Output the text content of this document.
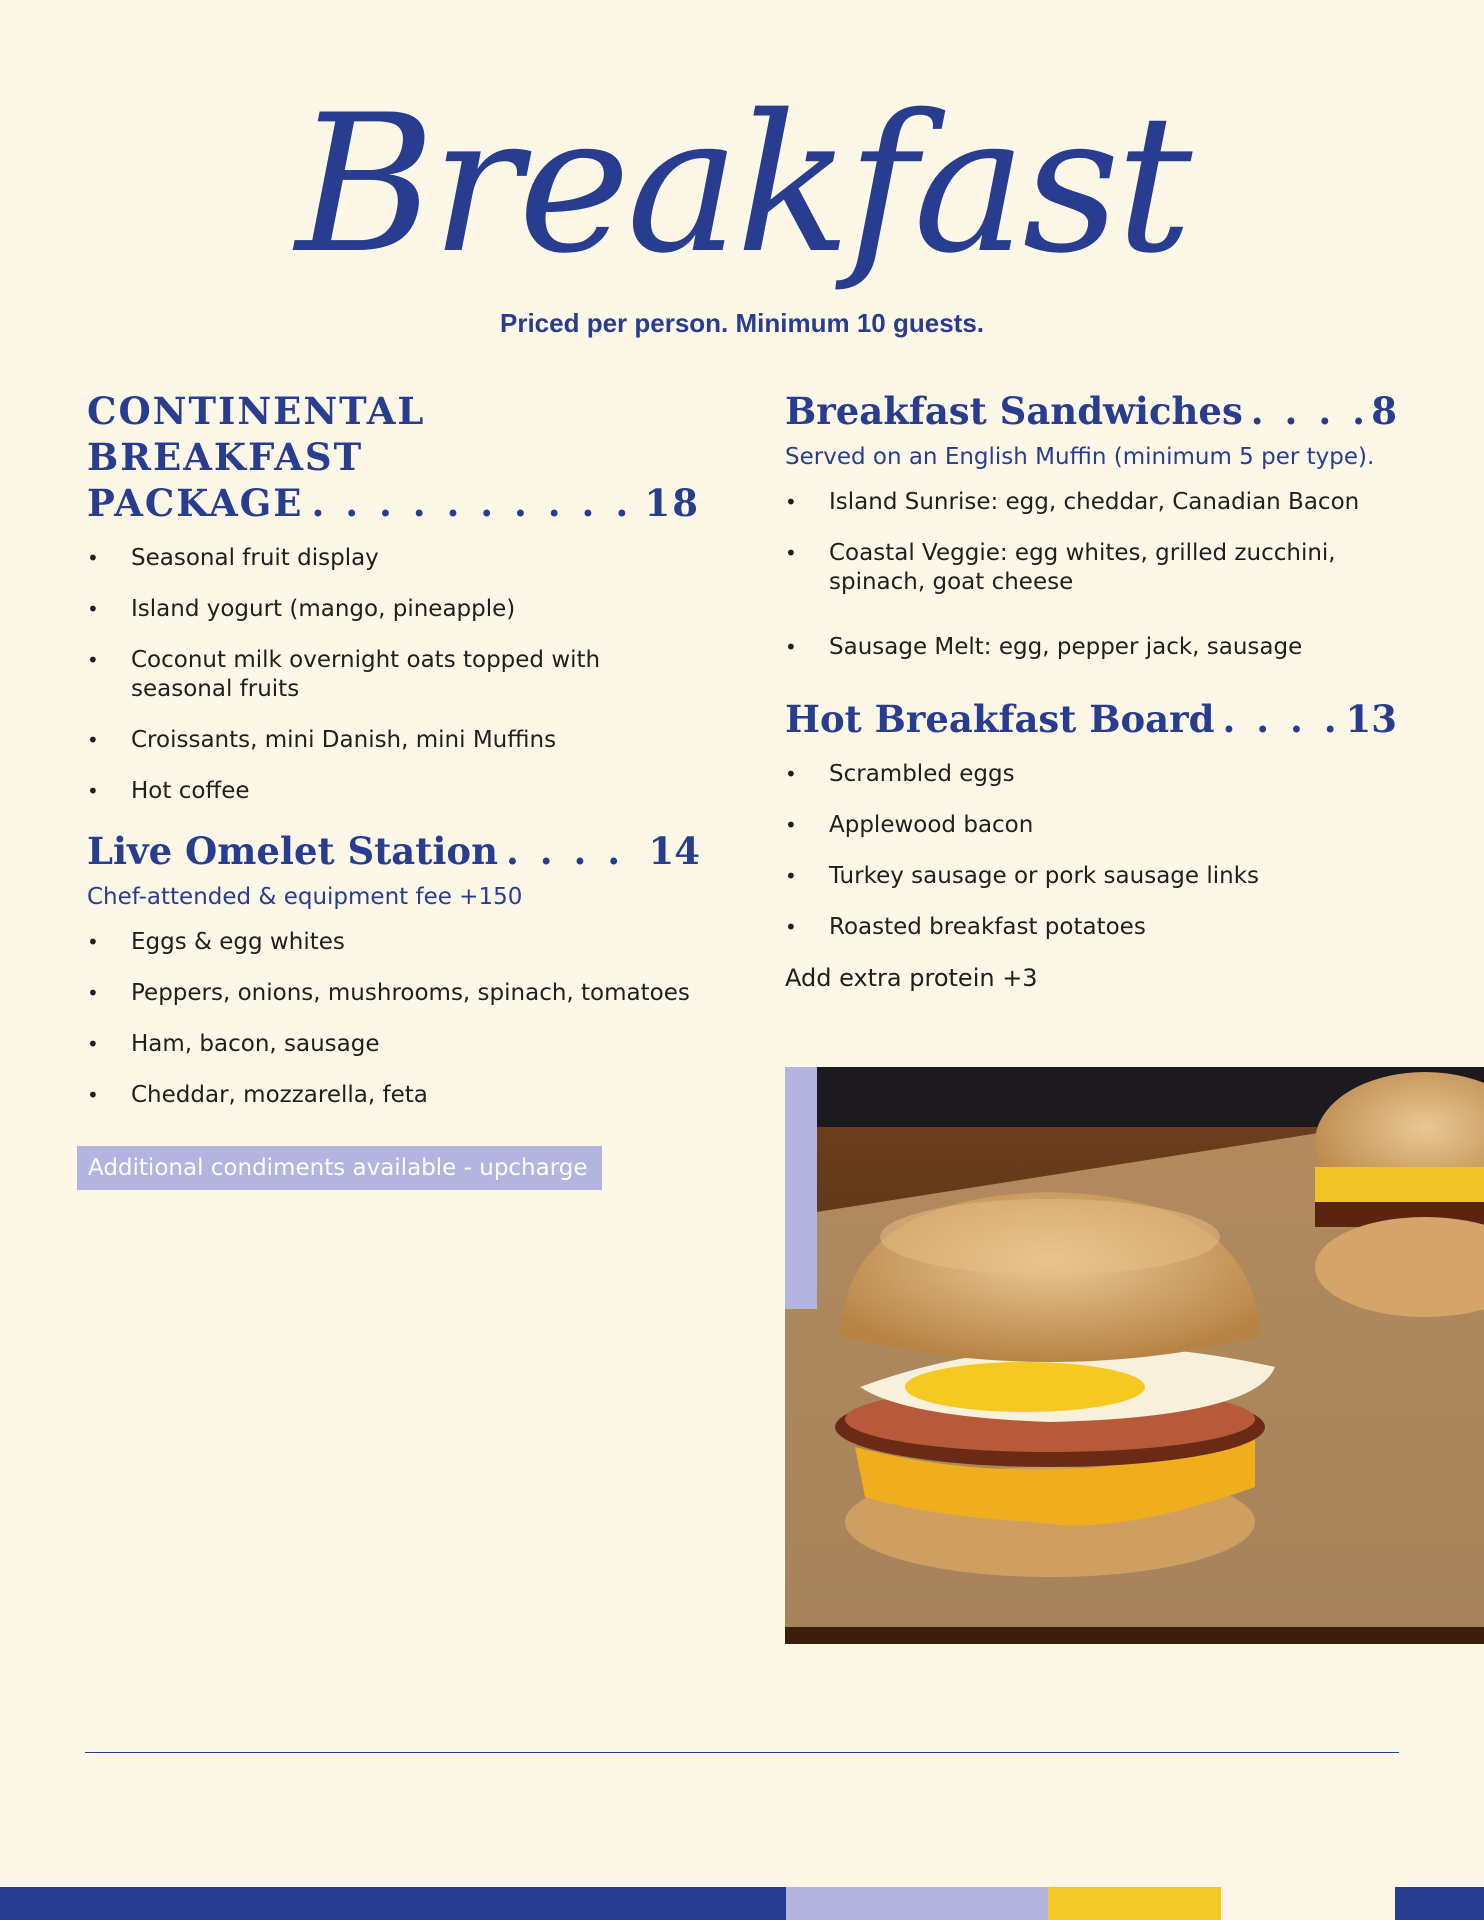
Breakfast
Priced per person. Minimum 10 guests.
CONTINENTAL BREAKFAST
PACKAGE . . .	18
• Seasonal fruit display
• Island yogurt (mango, pineapple)
• Coconut milk overnight oats topped with seasonal fruits
• Croissants, mini Danish, mini Muffins
• Hot coffee
Live Omelet Station . . .	14

Chef-attended & equipment fee +150

• Eggs & egg whites
• Peppers, onions, mushrooms, spinach, tomatoes
• Ham, bacon, sausage
• Cheddar, mozzarella, feta
Additional condiments available - upcharge
Breakfast Sandwiches . . .	8

Served on an English Muffin (minimum 5 per type).

• Island Sunrise: egg, cheddar, Canadian Bacon
• Coastal Veggie: egg whites, grilled zucchini, spinach, goat cheese
• Sausage Melt: egg, pepper jack, sausage
Hot Breakfast Board . . .	13
• Scrambled eggs
• Applewood bacon
• Turkey sausage or pork sausage links
• Roasted breakfast potatoes
Add extra protein +3
